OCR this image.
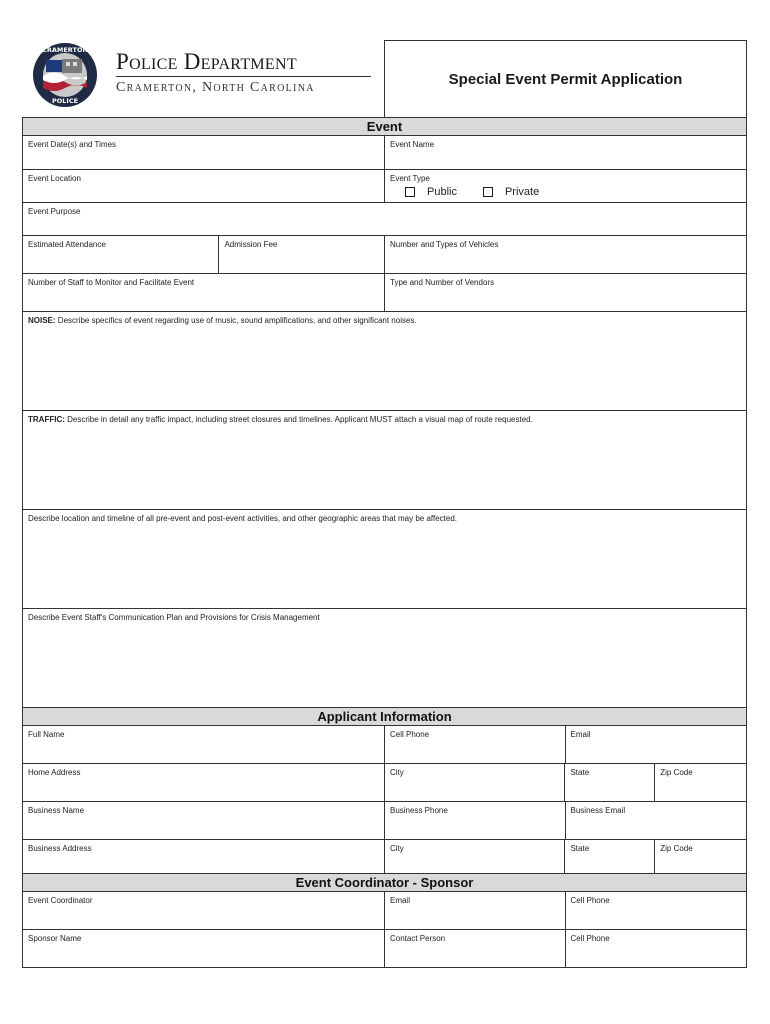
CRAMERTON
POLICE
Police Department
Cramerton, North Carolina	Special Event Permit Application
Event
Event Date(s) and Times	Event Name
Event Location	Event Type
Public	Private
Event Purpose
Estimated Attendance	Admission Fee	Number and Types of Vehicles
Number of Staff to Monitor and Facilitate Event	Type and Number of Vendors
NOISE: Describe specifics of event regarding use of music, sound amplifications, and other significant noises.
TRAFFIC: Describe in detail any traffic impact, including street closures and timelines. Applicant MUST attach a visual map of route requested.
Describe location and timeline of all pre-event and post-event activities, and other geographic areas that may be affected.
Describe Event Staff's Communication Plan and Provisions for Crisis Management
Applicant Information
Full Name	Cell Phone	Email
Home Address	City	State	Zip Code
Business Name	Business Phone	Business Email
Business Address	City	State	Zip Code
Event Coordinator - Sponsor
Event Coordinator	Email	Cell Phone
Sponsor Name	Contact Person	Cell Phone
